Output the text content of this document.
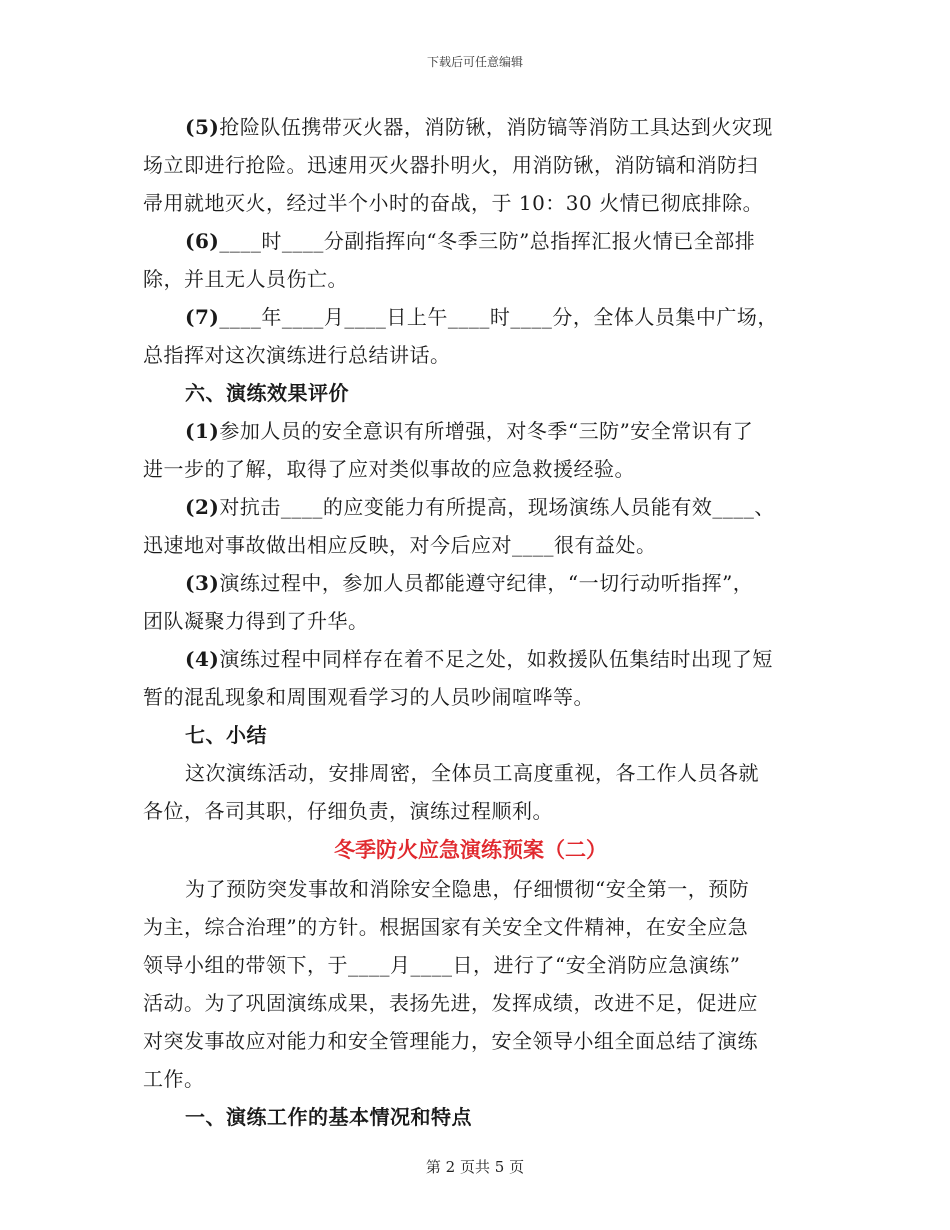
下载后可任意编辑
(5)抢险队伍携带灭火器，消防锹，消防镐等消防工具达到火灾现
场立即进行抢险。迅速用灭火器扑明火，用消防锹，消防镐和消防扫
帚用就地灭火，经过半个小时的奋战，于 10：30 火情已彻底排除。
(6)____时____分副指挥向“冬季三防”总指挥汇报火情已全部排
除，并且无人员伤亡。
(7)____年____月____日上午____时____分，全体人员集中广场，
总指挥对这次演练进行总结讲话。
六、演练效果评价
(1)参加人员的安全意识有所增强，对冬季“三防”安全常识有了
进一步的了解，取得了应对类似事故的应急救援经验。
(2)对抗击____的应变能力有所提高，现场演练人员能有效____、
迅速地对事故做出相应反映，对今后应对____很有益处。
(3)演练过程中，参加人员都能遵守纪律，“一切行动听指挥”，
团队凝聚力得到了升华。
(4)演练过程中同样存在着不足之处，如救援队伍集结时出现了短
暂的混乱现象和周围观看学习的人员吵闹喧哗等。
七、小结
这次演练活动，安排周密，全体员工高度重视，各工作人员各就
各位，各司其职，仔细负责，演练过程顺利。
冬季防火应急演练预案（二）
为了预防突发事故和消除安全隐患，仔细惯彻“安全第一，预防
为主，综合治理”的方针。根据国家有关安全文件精神，在安全应急
领导小组的带领下，于____月____日，进行了“安全消防应急演练”
活动。为了巩固演练成果，表扬先进，发挥成绩，改进不足，促进应
对突发事故应对能力和安全管理能力，安全领导小组全面总结了演练
工作。
一、演练工作的基本情况和特点
第 2 页共 5 页
